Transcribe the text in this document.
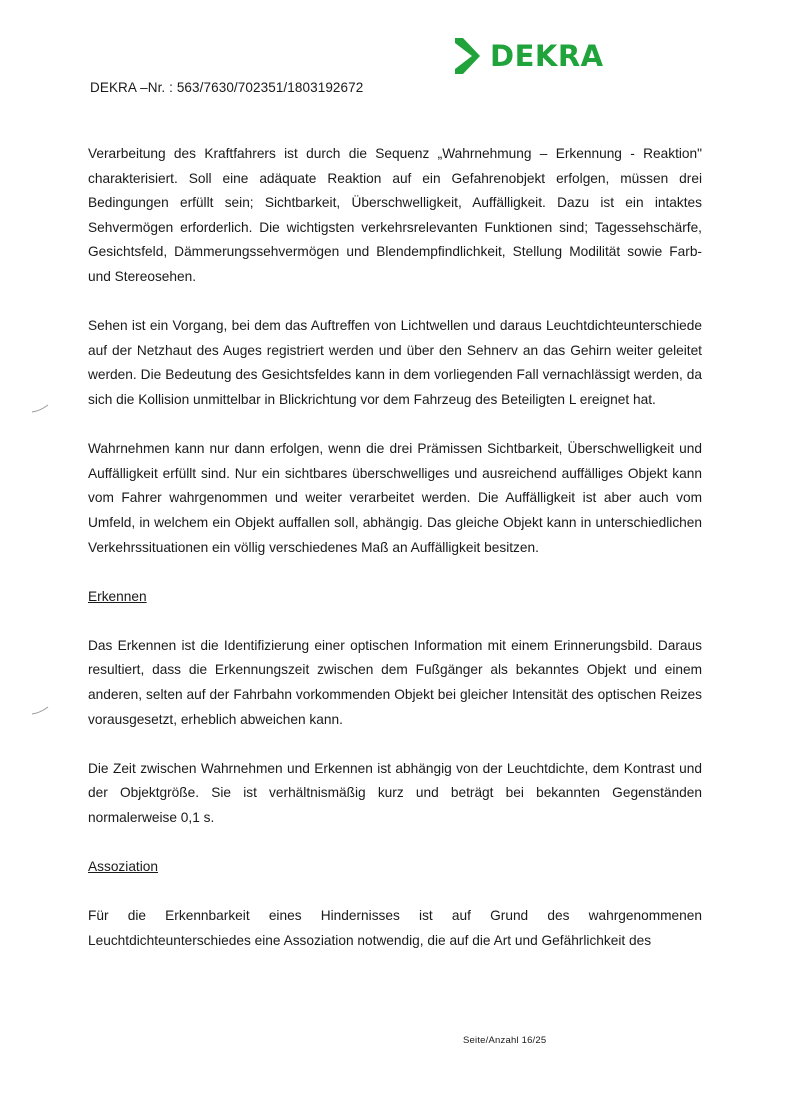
DEKRA
DEKRA –Nr. : 563/7630/702351/1803192672

Verarbeitung des Kraftfahrers ist durch die Sequenz „Wahrnehmung – Erkennung - Reaktion" charakterisiert. Soll eine adäquate Reaktion auf ein Gefahrenobjekt erfolgen, müssen drei Bedingungen erfüllt sein; Sichtbarkeit, Überschwelligkeit, Auffälligkeit. Dazu ist ein intaktes Sehvermögen erforderlich. Die wichtigsten verkehrsrelevanten Funktionen sind; Tagessehschärfe, Gesichtsfeld, Dämmerungssehvermögen und Blendempfindlichkeit, Stellung Modilität sowie Farb- und Stereosehen.

Sehen ist ein Vorgang, bei dem das Auftreffen von Lichtwellen und daraus Leuchtdichteunterschiede auf der Netzhaut des Auges registriert werden und über den Sehnerv an das Gehirn weiter geleitet werden. Die Bedeutung des Gesichtsfeldes kann in dem vorliegenden Fall vernachlässigt werden, da sich die Kollision unmittelbar in Blickrichtung vor dem Fahrzeug des Beteiligten L ereignet hat.

Wahrnehmen kann nur dann erfolgen, wenn die drei Prämissen Sichtbarkeit, Überschwelligkeit und Auffälligkeit erfüllt sind. Nur ein sichtbares überschwelliges und ausreichend auffälliges Objekt kann vom Fahrer wahrgenommen und weiter verarbeitet werden. Die Auffälligkeit ist aber auch vom Umfeld, in welchem ein Objekt auffallen soll, abhängig. Das gleiche Objekt kann in unterschiedlichen Verkehrssituationen ein völlig verschiedenes Maß an Auffälligkeit besitzen.

Erkennen

Das Erkennen ist die Identifizierung einer optischen Information mit einem Erinnerungsbild. Daraus resultiert, dass die Erkennungszeit zwischen dem Fußgänger als bekanntes Objekt und einem anderen, selten auf der Fahrbahn vorkommenden Objekt bei gleicher Intensität des optischen Reizes vorausgesetzt, erheblich abweichen kann.

Die Zeit zwischen Wahrnehmen und Erkennen ist abhängig von der Leuchtdichte, dem Kontrast und der Objektgröße. Sie ist verhältnismäßig kurz und beträgt bei bekannten Gegenständen normalerweise 0,1 s.

Assoziation

Für die Erkennbarkeit eines Hindernisses ist auf Grund des wahrgenommenen Leuchtdichteunterschiedes eine Assoziation notwendig, die auf die Art und Gefährlichkeit des

Seite/Anzahl 16/25
